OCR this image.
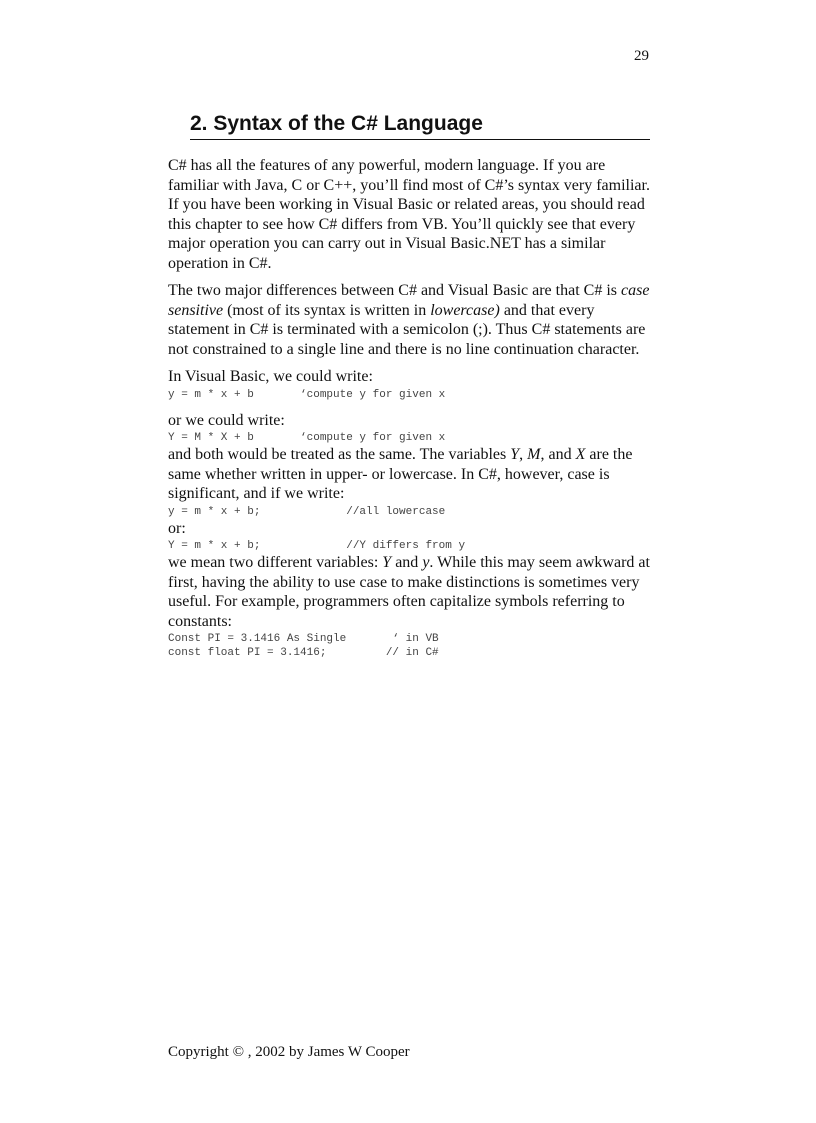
29
2. Syntax of the C# Language

C# has all the features of any powerful, modern language. If you are familiar with Java, C or C++, you’ll find most of C#’s syntax very familiar. If you have been working in Visual Basic or related areas, you should read this chapter to see how C# differs from VB. You’ll quickly see that every major operation you can carry out in Visual Basic.NET has a similar operation in C#.

The two major differences between C# and Visual Basic are that C# is case sensitive (most of its syntax is written in lowercase) and that every statement in C# is terminated with a semicolon (;). Thus C# statements are not constrained to a single line and there is no line continuation character.

In Visual Basic, we could write:

y = m * x + b       ‘compute y for given x

or we could write:

Y = M * X + b       ‘compute y for given x

and both would be treated as the same. The variables Y, M, and X are the same whether written in upper- or lowercase. In C#, however, case is significant, and if we write:

y = m * x + b;             //all lowercase

or:

Y = m * x + b;             //Y differs from y

we mean two different variables: Y and y. While this may seem awkward at first, having the ability to use case to make distinctions is sometimes very useful. For example, programmers often capitalize symbols referring to constants:

Const PI = 3.1416 As Single       ‘ in VB
const float PI = 3.1416;         // in C#
Copyright © , 2002 by James W Cooper
